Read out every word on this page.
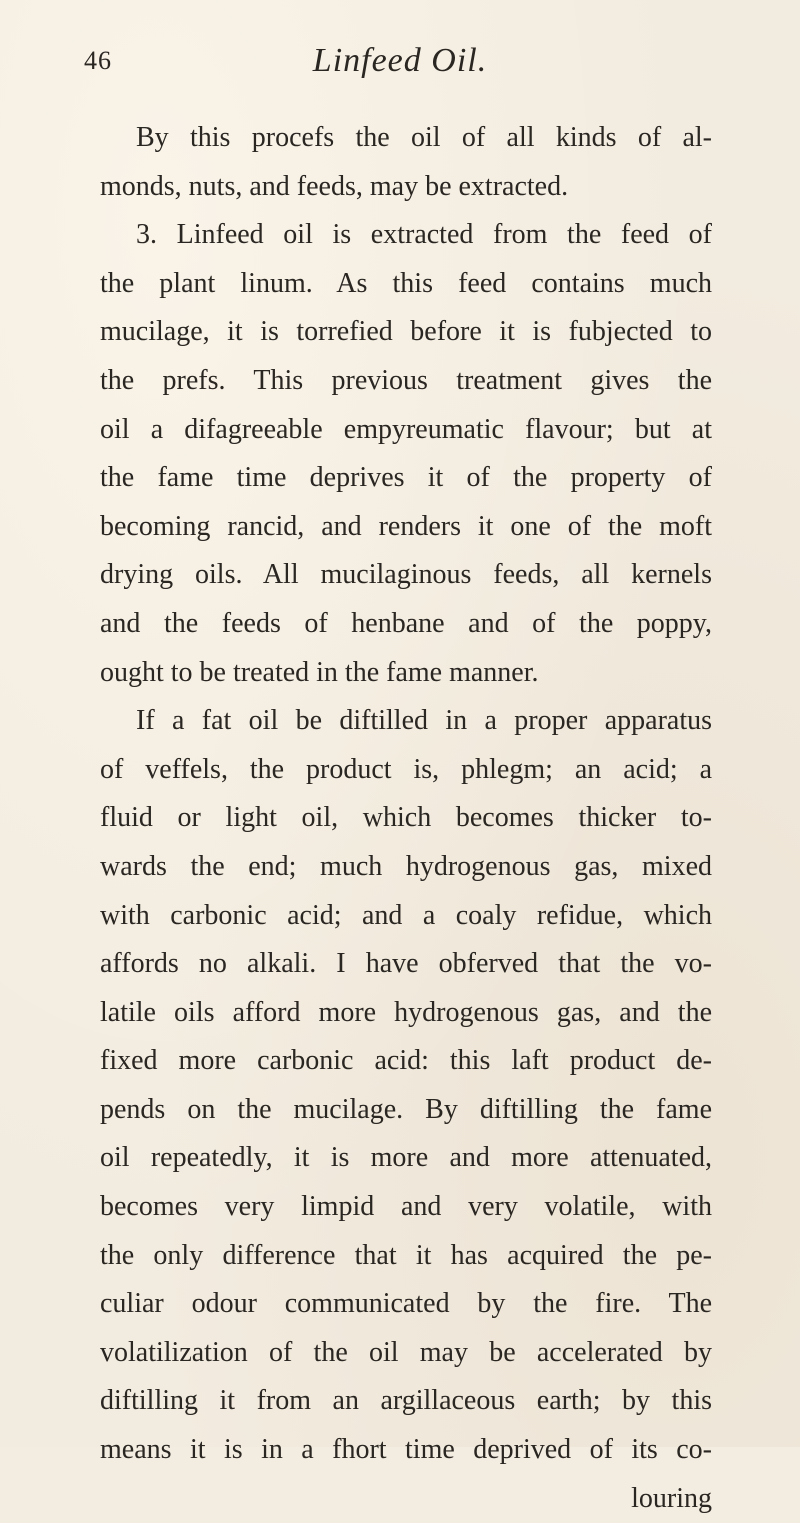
46	Linfeed Oil.
By this procefs the oil of all kinds of al-
monds, nuts, and feeds, may be extracted.
3. Linfeed oil is extracted from the feed of
the plant linum. As this feed contains much
mucilage, it is torrefied before it is fubjected to
the prefs. This previous treatment gives the
oil a difagreeable empyreumatic flavour; but at
the fame time deprives it of the property of
becoming rancid, and renders it one of the moft
drying oils. All mucilaginous feeds, all kernels
and the feeds of henbane and of the poppy,
ought to be treated in the fame manner.
If a fat oil be diftilled in a proper apparatus
of veffels, the product is, phlegm; an acid; a
fluid or light oil, which becomes thicker to-
wards the end; much hydrogenous gas, mixed
with carbonic acid; and a coaly refidue, which
affords no alkali. I have obferved that the vo-
latile oils afford more hydrogenous gas, and the
fixed more carbonic acid: this laft product de-
pends on the mucilage. By diftilling the fame
oil repeatedly, it is more and more attenuated,
becomes very limpid and very volatile, with
the only difference that it has acquired the pe-
culiar odour communicated by the fire. The
volatilization of the oil may be accelerated by
diftilling it from an argillaceous earth; by this
means it is in a fhort time deprived of its co-
louring
